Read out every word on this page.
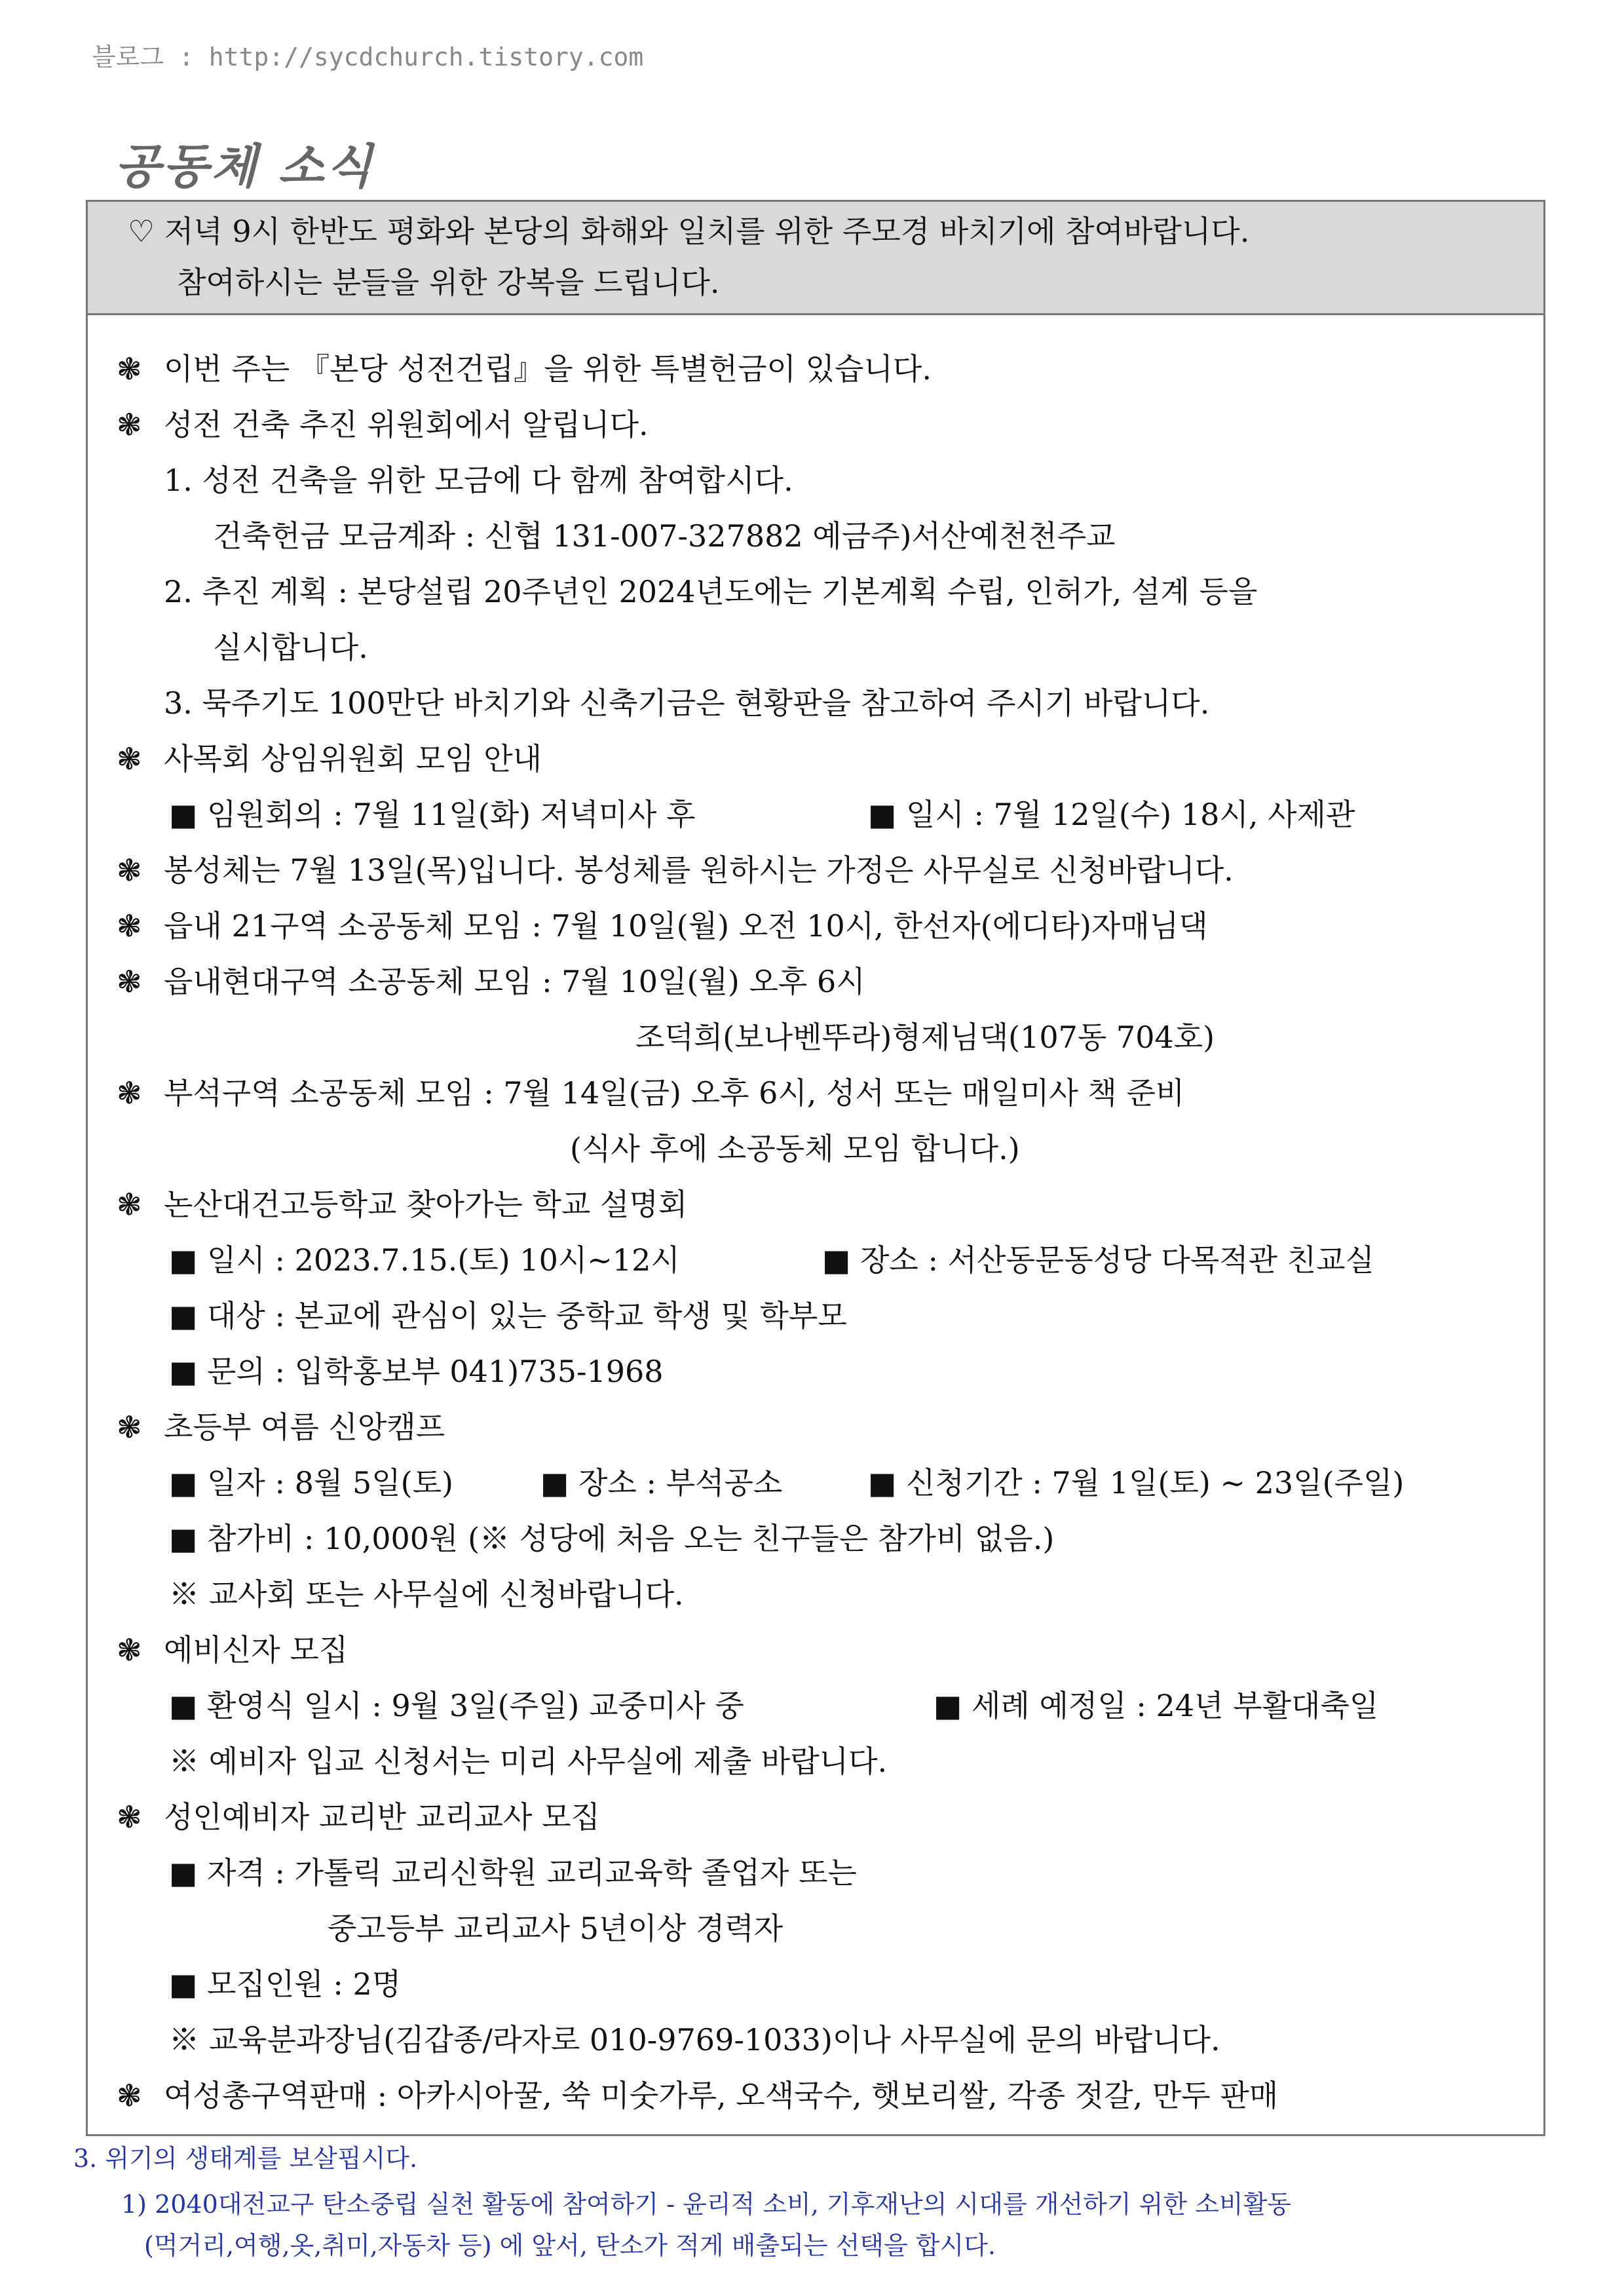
블로그 : http://sycdchurch.tistory.com
공동체 소식
♡ 저녁 9시 한반도 평화와 본당의 화해와 일치를 위한 주모경 바치기에 참여바랍니다.
참여하시는 분들을 위한 강복을 드립니다.
❃ 이번 주는 『본당 성전건립』을 위한 특별헌금이 있습니다.
❃ 성전 건축 추진 위원회에서 알립니다.
1. 성전 건축을 위한 모금에 다 함께 참여합시다.
건축헌금 모금계좌 : 신협 131-007-327882 예금주)서산예천천주교
2. 추진 계획 : 본당설립 20주년인 2024년도에는 기본계획 수립, 인허가, 설계 등을
실시합니다.
3. 묵주기도 100만단 바치기와 신축기금은 현황판을 참고하여 주시기 바랍니다.
❃ 사목회 상임위원회 모임 안내
■ 임원회의 : 7월 11일(화) 저녁미사 후	■ 일시 : 7월 12일(수) 18시, 사제관
❃ 봉성체는 7월 13일(목)입니다. 봉성체를 원하시는 가정은 사무실로 신청바랍니다.
❃ 읍내 21구역 소공동체 모임 : 7월 10일(월) 오전 10시, 한선자(에디타)자매님댁
❃ 읍내현대구역 소공동체 모임 : 7월 10일(월) 오후 6시
조덕희(보나벤뚜라)형제님댁(107동 704호)
❃ 부석구역 소공동체 모임 : 7월 14일(금) 오후 6시, 성서 또는 매일미사 책 준비
(식사 후에 소공동체 모임 합니다.)
❃ 논산대건고등학교 찾아가는 학교 설명회
■ 일시 : 2023.7.15.(토) 10시~12시	■ 장소 : 서산동문동성당 다목적관 친교실
■ 대상 : 본교에 관심이 있는 중학교 학생 및 학부모
■ 문의 : 입학홍보부 041)735-1968
❃ 초등부 여름 신앙캠프
■ 일자 : 8월 5일(토)	■ 장소 : 부석공소	■ 신청기간 : 7월 1일(토) ~ 23일(주일)
■ 참가비 : 10,000원 (※ 성당에 처음 오는 친구들은 참가비 없음.)
※ 교사회 또는 사무실에 신청바랍니다.
❃ 예비신자 모집
■ 환영식 일시 : 9월 3일(주일) 교중미사 중	■ 세례 예정일 : 24년 부활대축일
※ 예비자 입교 신청서는 미리 사무실에 제출 바랍니다.
❃ 성인예비자 교리반 교리교사 모집
■ 자격 : 가톨릭 교리신학원 교리교육학 졸업자 또는
중고등부 교리교사 5년이상 경력자
■ 모집인원 : 2명
※ 교육분과장님(김갑종/라자로 010-9769-1033)이나 사무실에 문의 바랍니다.
❃ 여성총구역판매 : 아카시아꿀, 쑥 미숫가루, 오색국수, 햇보리쌀, 각종 젓갈, 만두 판매
3. 위기의 생태계를 보살핍시다.
1) 2040대전교구 탄소중립 실천 활동에 참여하기 - 윤리적 소비, 기후재난의 시대를 개선하기 위한 소비활동
(먹거리,여행,옷,취미,자동차 등) 에 앞서, 탄소가 적게 배출되는 선택을 합시다.
